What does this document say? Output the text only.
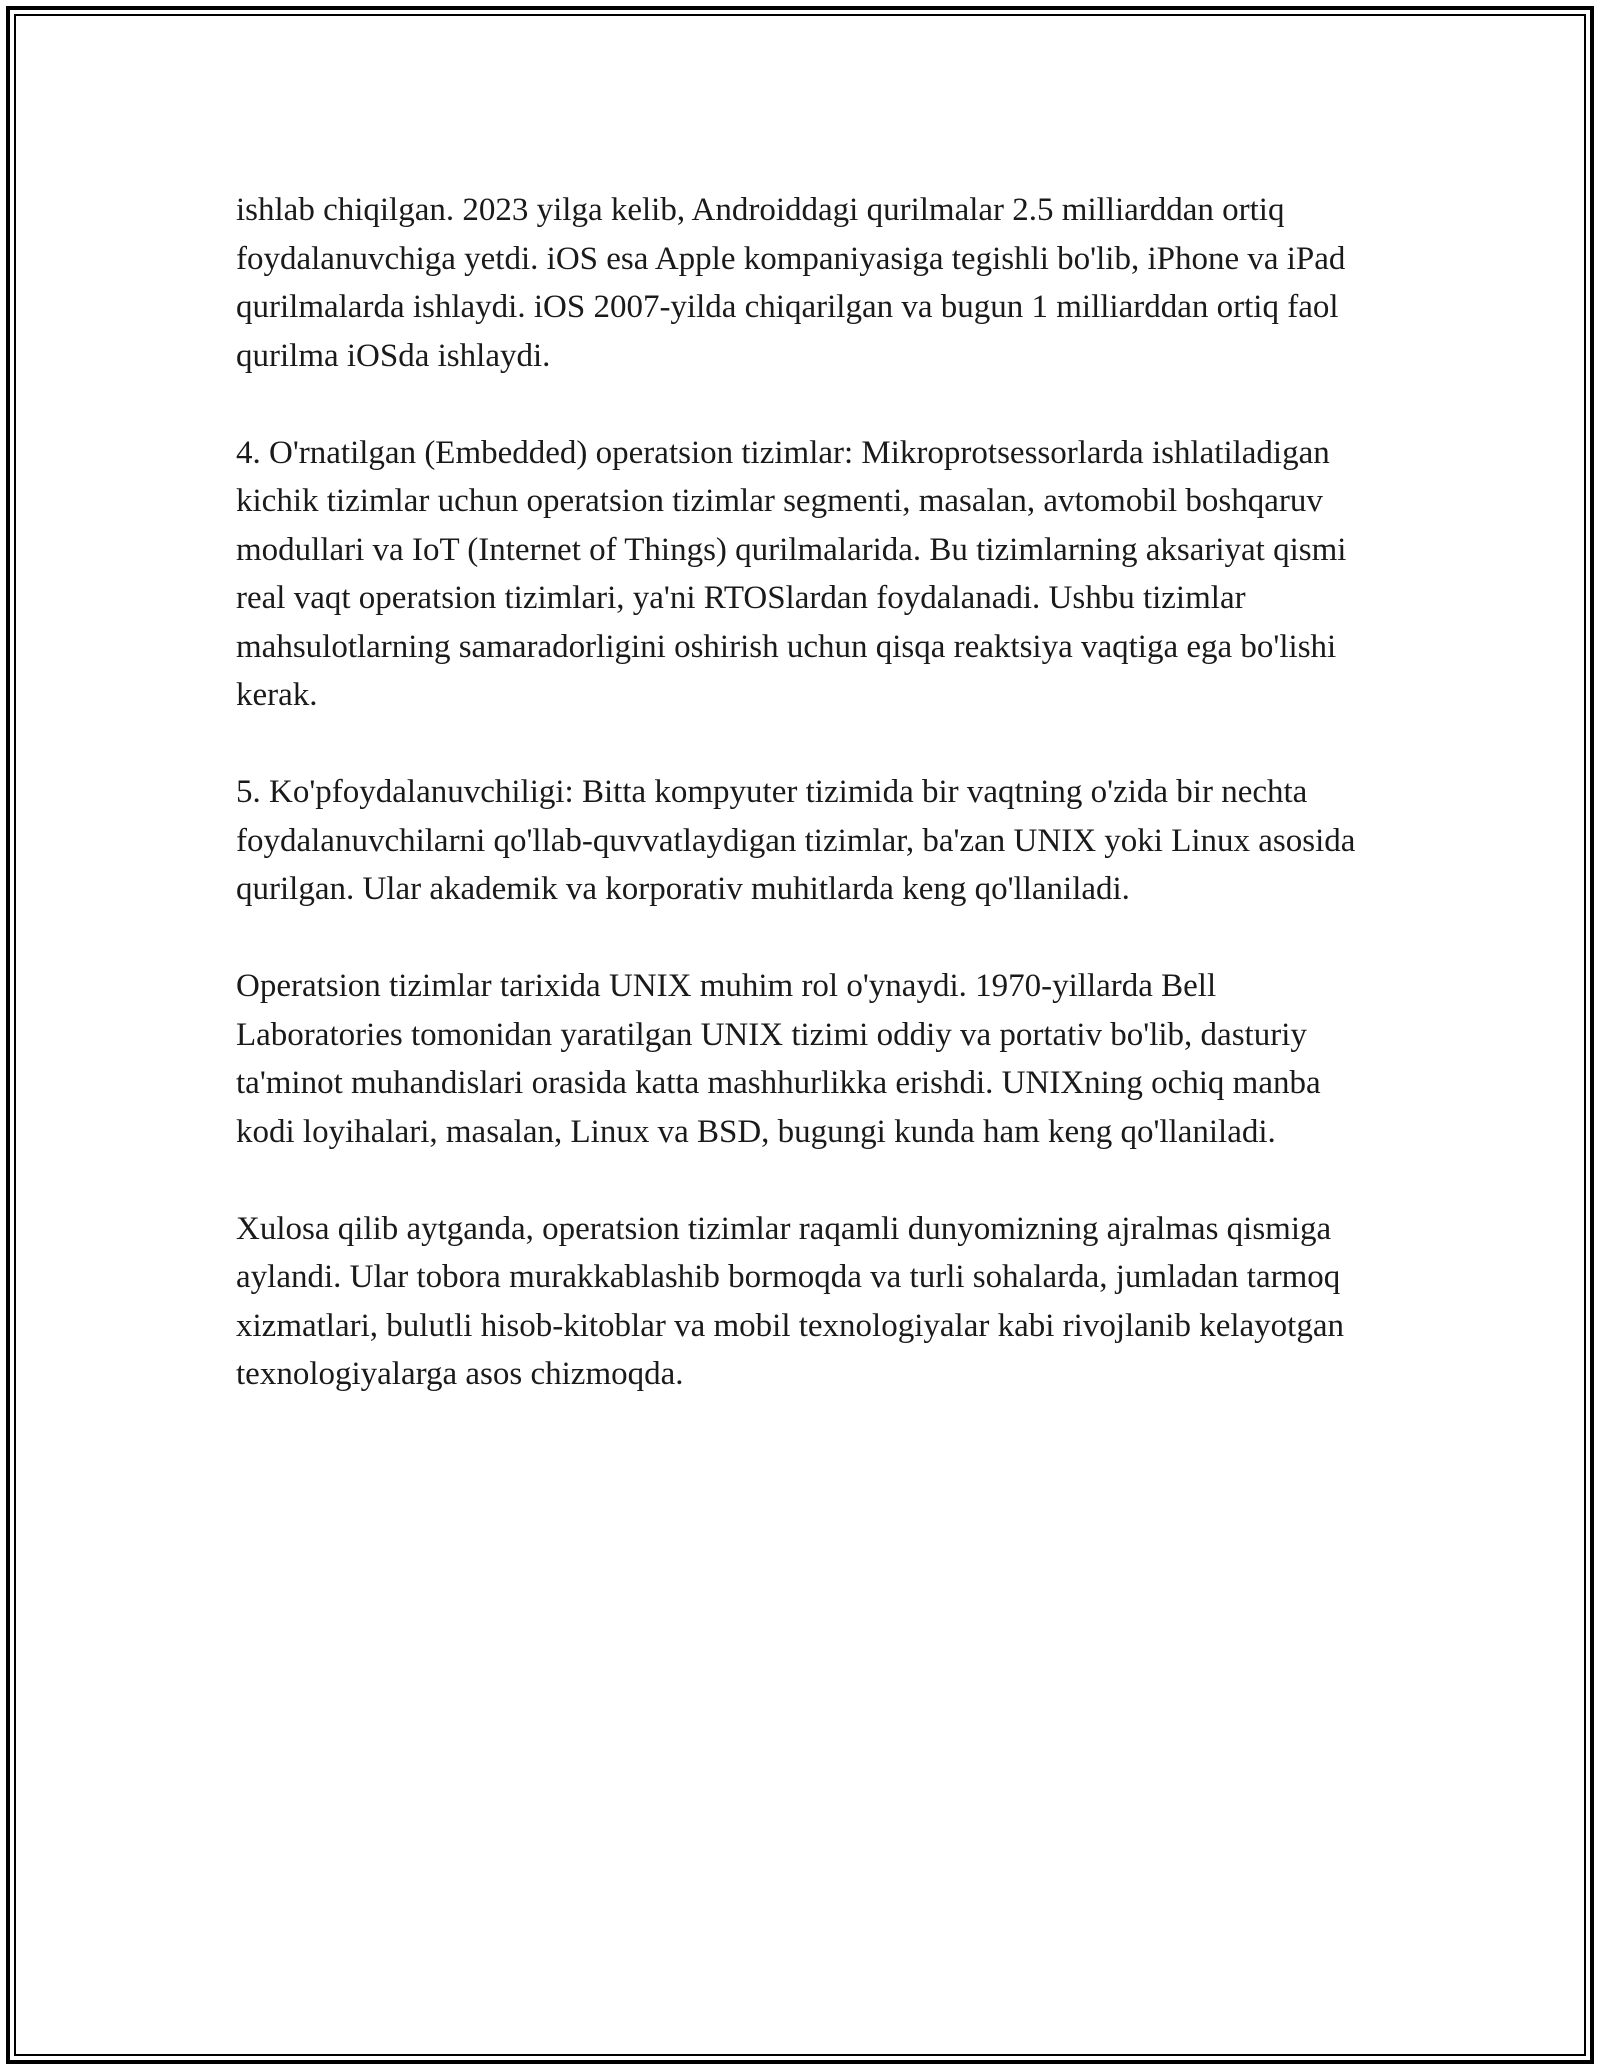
ishlab chiqilgan. 2023 yilga kelib, Androiddagi qurilmalar 2.5 milliarddan ortiq foydalanuvchiga yetdi. iOS esa Apple kompaniyasiga tegishli bo'lib, iPhone va iPad qurilmalarda ishlaydi. iOS 2007-yilda chiqarilgan va bugun 1 milliarddan ortiq faol qurilma iOSda ishlaydi.

4. O'rnatilgan (Embedded) operatsion tizimlar: Mikroprotsessorlarda ishlatiladigan kichik tizimlar uchun operatsion tizimlar segmenti, masalan, avtomobil boshqaruv modullari va IoT (Internet of Things) qurilmalarida. Bu tizimlarning aksariyat qismi real vaqt operatsion tizimlari, ya'ni RTOSlardan foydalanadi. Ushbu tizimlar mahsulotlarning samaradorligini oshirish uchun qisqa reaktsiya vaqtiga ega bo'lishi kerak.

5. Ko'pfoydalanuvchiligi: Bitta kompyuter tizimida bir vaqtning o'zida bir nechta foydalanuvchilarni qo'llab-quvvatlaydigan tizimlar, ba'zan UNIX yoki Linux asosida qurilgan. Ular akademik va korporativ muhitlarda keng qo'llaniladi.

Operatsion tizimlar tarixida UNIX muhim rol o'ynaydi. 1970-yillarda Bell Laboratories tomonidan yaratilgan UNIX tizimi oddiy va portativ bo'lib, dasturiy ta'minot muhandislari orasida katta mashhurlikka erishdi. UNIXning ochiq manba kodi loyihalari, masalan, Linux va BSD, bugungi kunda ham keng qo'llaniladi.

Xulosa qilib aytganda, operatsion tizimlar raqamli dunyomizning ajralmas qismiga aylandi. Ular tobora murakkablashib bormoqda va turli sohalarda, jumladan tarmoq xizmatlari, bulutli hisob-kitoblar va mobil texnologiyalar kabi rivojlanib kelayotgan texnologiyalarga asos chizmoqda.
